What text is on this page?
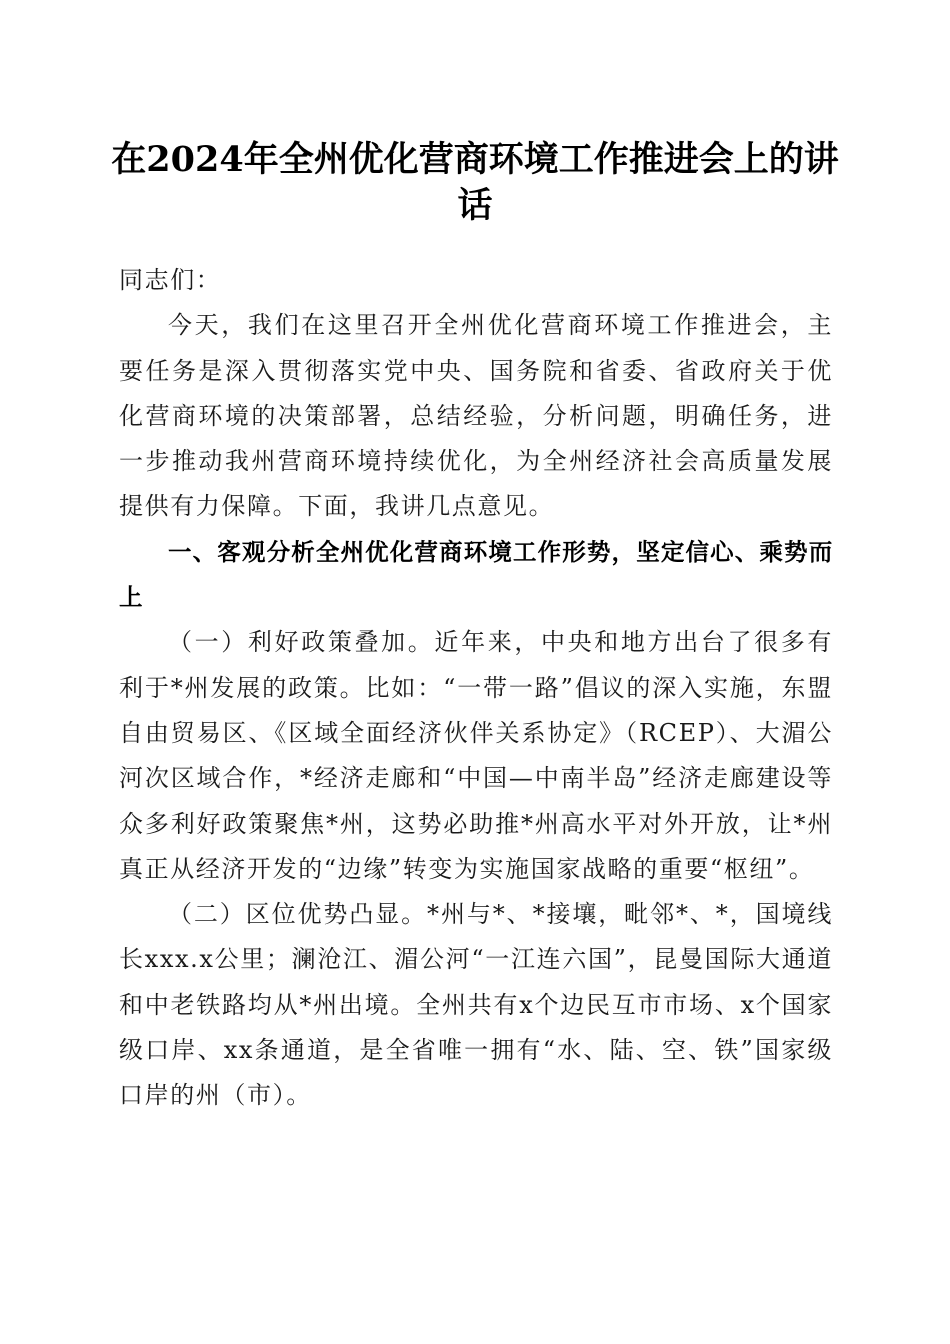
在2024年全州优化营商环境工作推进会上的讲话

同志们：

今天，我们在这里召开全州优化营商环境工作推进会，主要任务是深入贯彻落实党中央、国务院和省委、省政府关于优化营商环境的决策部署，总结经验，分析问题，明确任务，进一步推动我州营商环境持续优化，为全州经济社会高质量发展提供有力保障。下面，我讲几点意见。

一、客观分析全州优化营商环境工作形势，坚定信心、乘势而上

（一）利好政策叠加。近年来，中央和地方出台了很多有利于*州发展的政策。比如：“一带一路”倡议的深入实施，东盟自由贸易区、《区域全面经济伙伴关系协定》（RCEP）、大湄公河次区域合作，*经济走廊和“中国—中南半岛”经济走廊建设等众多利好政策聚焦*州，这势必助推*州高水平对外开放，让*州真正从经济开发的“边缘”转变为实施国家战略的重要“枢纽”。

（二）区位优势凸显。*州与*、*接壤，毗邻*、*，国境线长xxx.x公里；澜沧江、湄公河“一江连六国”，昆曼国际大通道和中老铁路均从*州出境。全州共有x个边民互市市场、x个国家级口岸、xx条通道，是全省唯一拥有“水、陆、空、铁”国家级口岸的州（市）。
